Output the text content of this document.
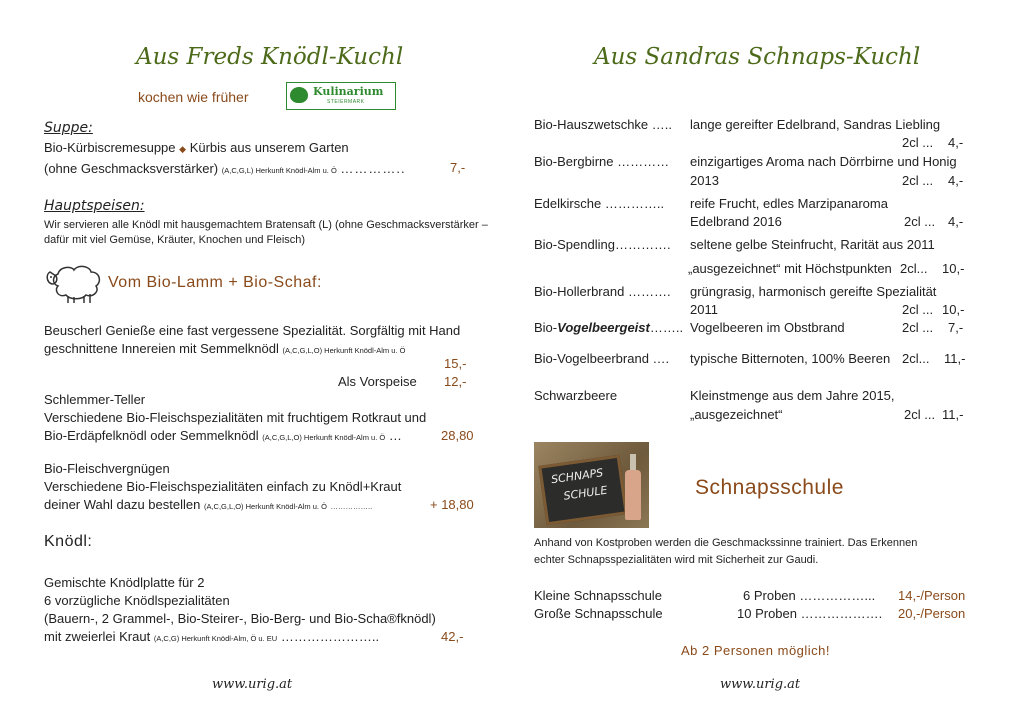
Aus Freds Knödl-Kuchl
kochen wie früher	Kulinarium
STEIERMARK
Suppe:
Bio-Kürbiscremesuppe ◆ Kürbis aus unserem Garten
(ohne Geschmacksverstärker) (A,C,G,L) Herkunft Knödl-Alm u. Ö …………..	7,-
Hauptspeisen:
Wir servieren alle Knödl mit hausgemachtem Bratensaft (L) (ohne Geschmacksverstärker –
dafür mit viel Gemüse, Kräuter, Knochen und Fleisch)
Vom Bio-Lamm + Bio-Schaf:
Beuscherl Genieße eine fast vergessene Spezialität. Sorgfältig mit Hand
geschnittene Innereien mit Semmelknödl (A,C,G,L,O) Herkunft Knödl-Alm u. Ö
15,-
Als Vorspeise 12,-
Schlemmer-Teller
Verschiedene Bio-Fleischspezialitäten mit fruchtigem Rotkraut und
Bio-Erdäpfelknödl oder Semmelknödl (A,C,G,L,O) Herkunft Knödl-Alm u. Ö …	28,80
Bio-Fleischvergnügen
Verschiedene Bio-Fleischspezialitäten einfach zu Knödl+Kraut
deiner Wahl dazu bestellen (A,C,G,L,O) Herkunft Knödl-Alm u. Ö ……………..	+ 18,80
Knödl:
Gemischte Knödlplatte für 2
6 vorzügliche Knödlspezialitäten
(Bauern-, 2 Grammel-, Bio-Steirer-, Bio-Berg- und Bio-Scha®fknödl)
mit zweierlei Kraut (A,C,G) Herkunft Knödl-Alm, Ö u. EU …………………..	42,-
www.urig.at
Aus Sandras Schnaps-Kuchl
Bio-Hauszwetschke ….. lange gereifter Edelbrand, Sandras Liebling
2cl ... 4,-
Bio-Bergbirne ………… einzigartiges Aroma nach Dörrbirne und Honig
2013	2cl ... 4,-
Edelkirsche ………….. reife Frucht, edles Marzipanaroma
Edelbrand 2016	2cl ... 4,-
Bio-Spendling…………. seltene gelbe Steinfrucht, Rarität aus 2011
„ausgezeichnet“ mit Höchstpunkten 2cl... 10,-
Bio-Hollerbrand ………. grüngrasig, harmonisch gereifte Spezialität
2011	2cl ... 10,-
Bio-Vogelbeergeist…….. Vogelbeeren im Obstbrand	2cl ... 7,-
Bio-Vogelbeerbrand …. typische Bitternoten, 100% Beeren 2cl... 11,-
Schwarzbeere	Kleinstmenge aus dem Jahre 2015,
„ausgezeichnet“	2cl ... 11,-
SCHNAPS
SCHULE	Schnapsschule
Anhand von Kostproben werden die Geschmackssinne trainiert. Das Erkennen
echter Schnapsspezialitäten wird mit Sicherheit zur Gaudi.
Kleine Schnapsschule	6 Proben ……………... 14,-/Person
Große Schnapsschule	10 Proben ………………. 20,-/Person
Ab 2 Personen möglich!
www.urig.at
